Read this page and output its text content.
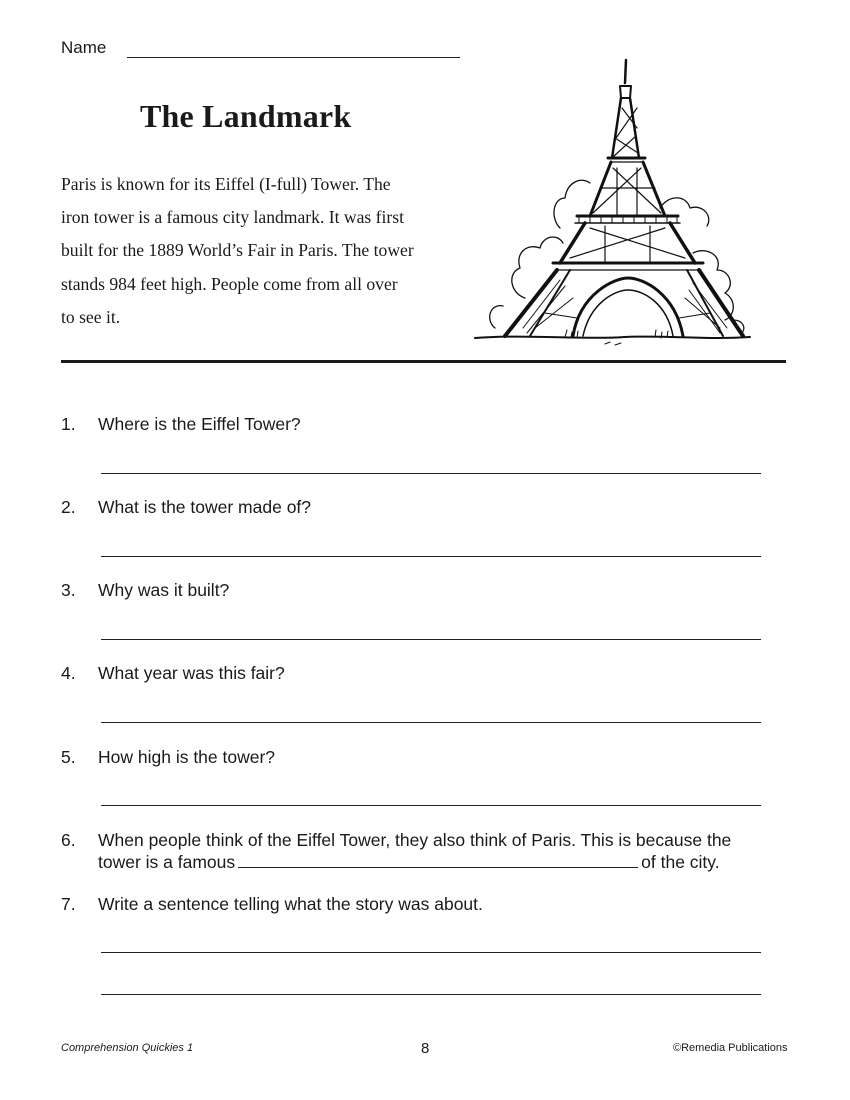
Name
The Landmark
Paris is known for its Eiffel (I-full) Tower. The
iron tower is a famous city landmark. It was first
built for the 1889 World’s Fair in Paris. The tower
stands 984 feet high. People come from all over
to see it.
1. Where is the Eiffel Tower?
2. What is the tower made of?
3. Why was it built?
4. What year was this fair?
5. How high is the tower?
6. When people think of the Eiffel Tower, they also think of Paris. This is because the
tower is a famous	of the city.
7. Write a sentence telling what the story was about.
Comprehension Quickies 1	8	©Remedia Publications
